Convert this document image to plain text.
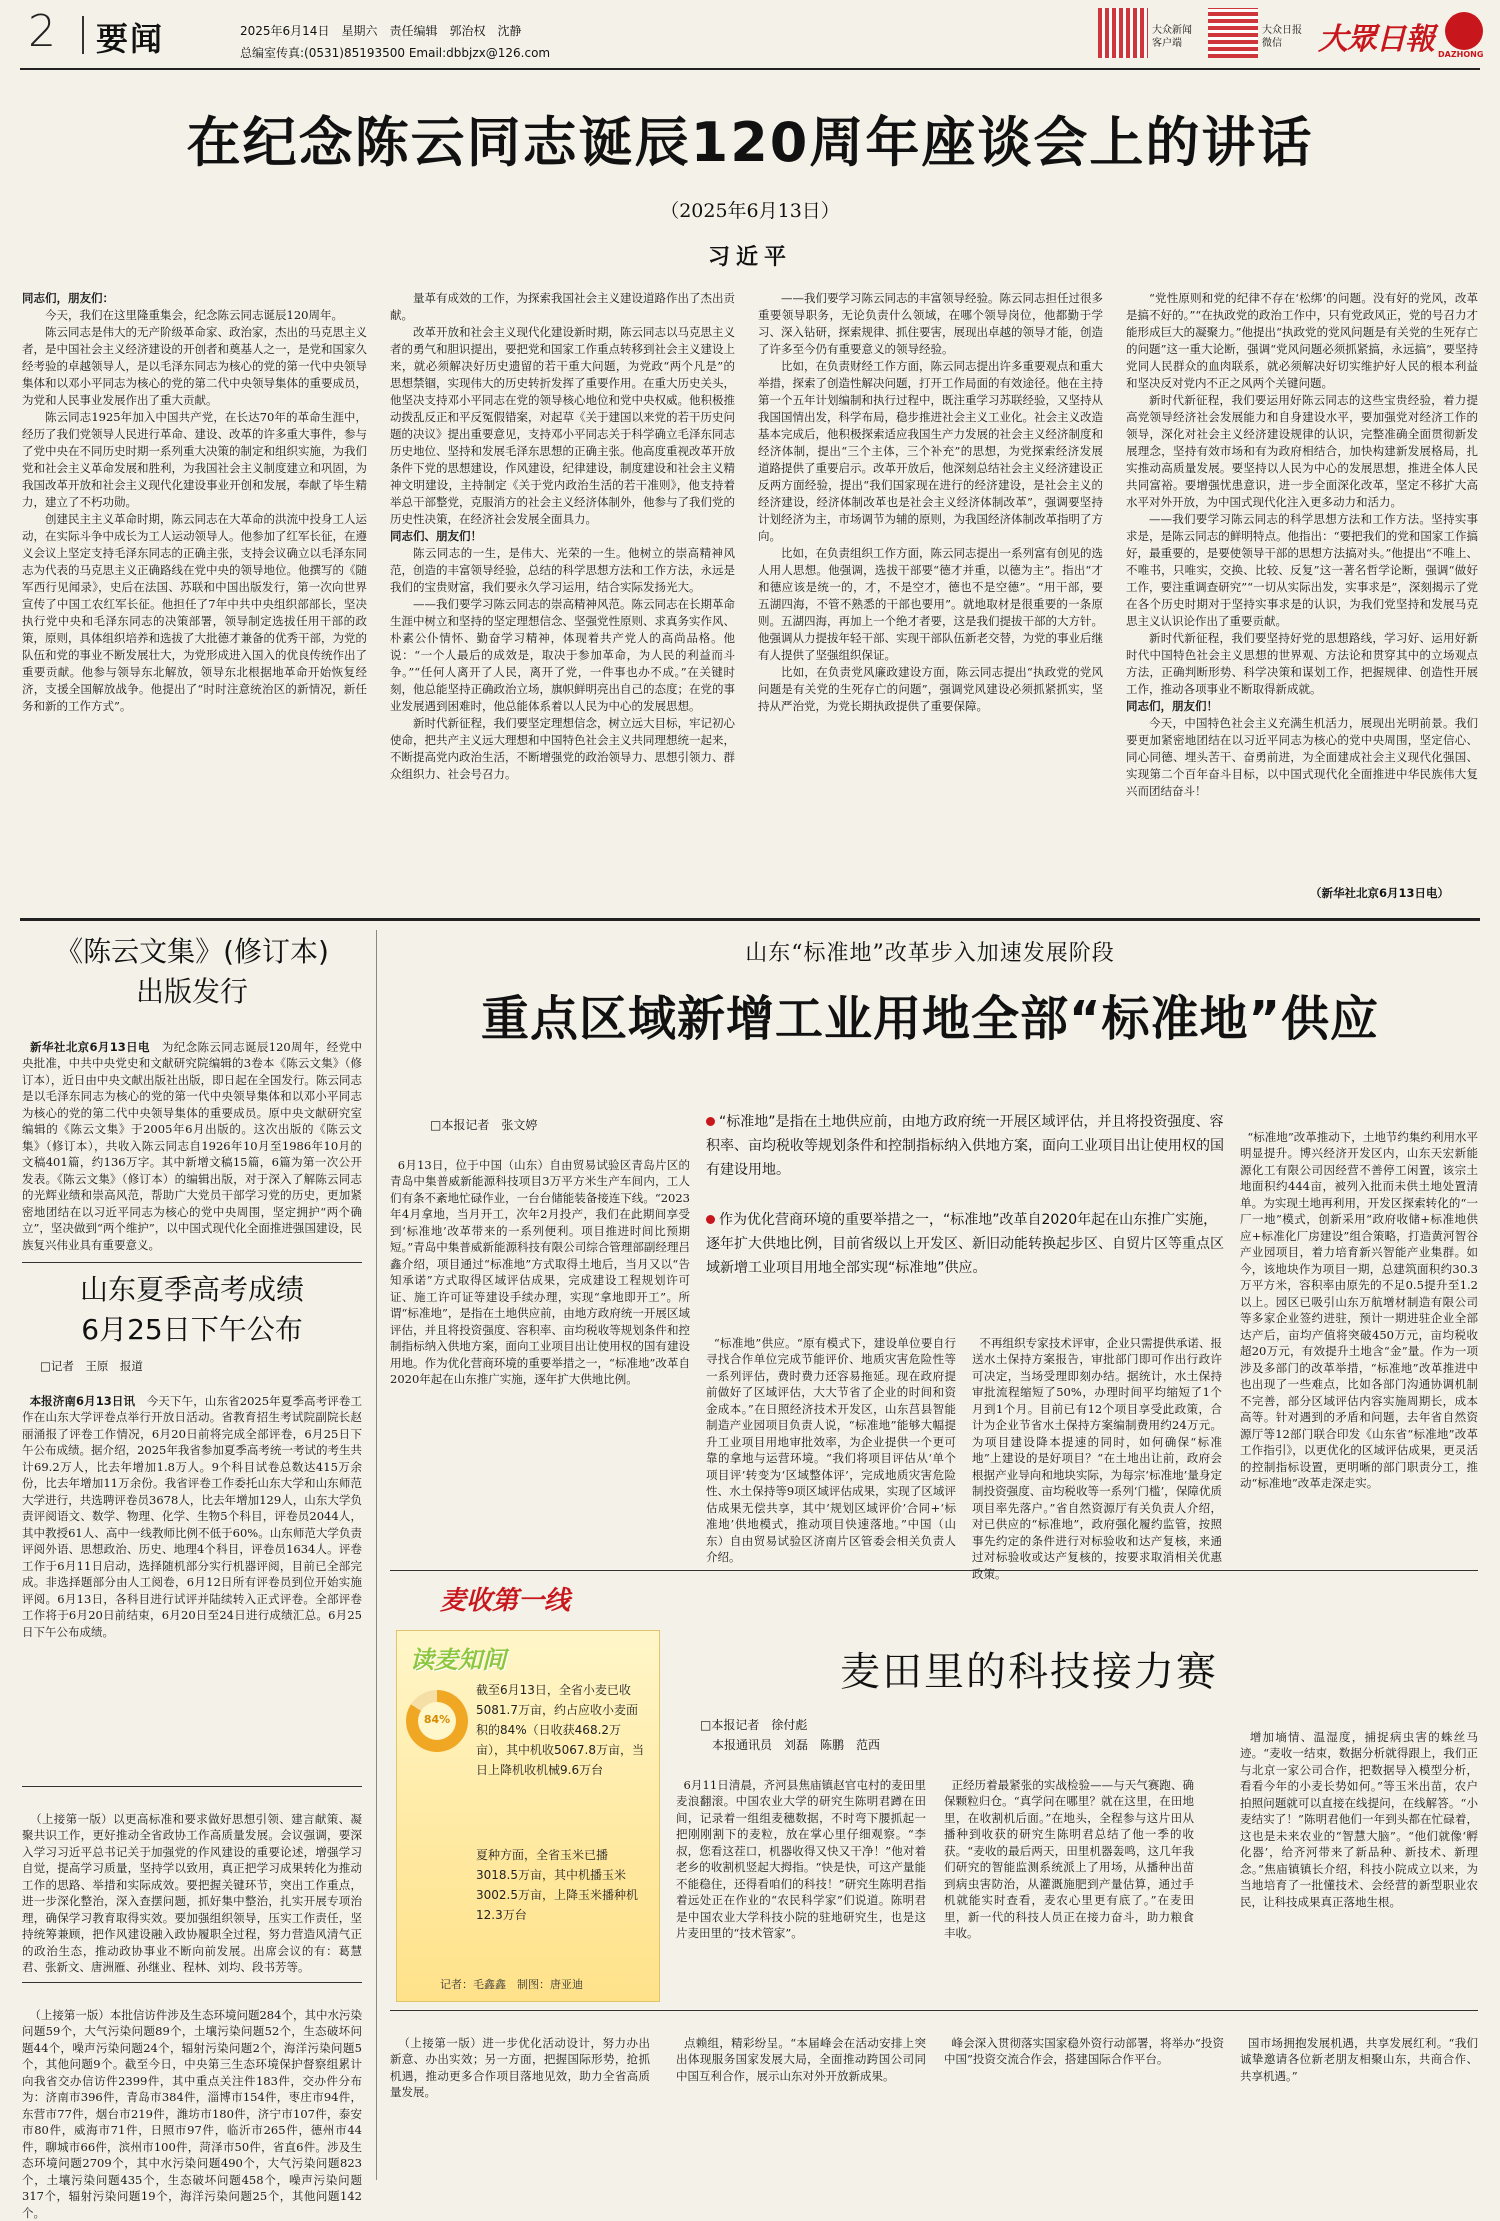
2 要闻	2025年6月14日　星期六　责任编辑　郭治权　沈静
总编室传真:(0531)85193500 Email:dbbjzx@126.com
大众新闻客户端
大众日报微信	大眾日報 DAZHONG
在纪念陈云同志诞辰120周年座谈会上的讲话
（2025年6月13日）
习近平

同志们，朋友们：

今天，我们在这里隆重集会，纪念陈云同志诞辰120周年。

陈云同志是伟大的无产阶级革命家、政治家，杰出的马克思主义者，是中国社会主义经济建设的开创者和奠基人之一，是党和国家久经考验的卓越领导人，是以毛泽东同志为核心的党的第一代中央领导集体和以邓小平同志为核心的党的第二代中央领导集体的重要成员，为党和人民事业发展作出了重大贡献。

陈云同志1925年加入中国共产党，在长达70年的革命生涯中，经历了我们党领导人民进行革命、建设、改革的许多重大事件，参与了党中央在不同历史时期一系列重大决策的制定和组织实施，为我们党和社会主义革命发展和胜利，为我国社会主义制度建立和巩固，为我国改革开放和社会主义现代化建设事业开创和发展，奉献了毕生精力，建立了不朽功勋。

创建民主主义革命时期，陈云同志在大革命的洪流中投身工人运动，在实际斗争中成长为工人运动领导人。他参加了红军长征，在遵义会议上坚定支持毛泽东同志的正确主张，支持会议确立以毛泽东同志为代表的马克思主义正确路线在党中央的领导地位。他撰写的《随军西行见闻录》，史后在法国、苏联和中国出版发行，第一次向世界宣传了中国工农红军长征。他担任了7年中共中央组织部部长，坚决执行党中央和毛泽东同志的决策部署，领导制定选拔任用干部的政策，原则，具体组织培养和选拔了大批德才兼备的优秀干部，为党的队伍和党的事业不断发展壮大，为党形成进入国入的优良传统作出了重要贡献。他参与领导东北解放，领导东北根据地革命开始恢复经济，支援全国解放战争。他提出了“时时注意统治区的新情况，新任务和新的工作方式”。

量革有成效的工作，为探索我国社会主义建设道路作出了杰出贡献。

改革开放和社会主义现代化建设新时期，陈云同志以马克思主义者的勇气和胆识提出，要把党和国家工作重点转移到社会主义建设上来，就必须解决好历史遗留的若干重大问题，为党政“两个凡是”的思想禁锢，实现伟大的历史转折发挥了重要作用。在重大历史关头，他坚决支持邓小平同志在党的领导核心地位和党中央权威。他积极推动拨乱反正和平反冤假错案，对起草《关于建国以来党的若干历史问题的决议》提出重要意见，支持邓小平同志关于科学确立毛泽东同志历史地位、坚持和发展毛泽东思想的正确主张。他高度重视改革开放条件下党的思想建设，作风建设，纪律建设，制度建设和社会主义精神文明建设，主持制定《关于党内政治生活的若干准则》，他支持着举总干部整党，克服消方的社会主义经济体制外，他参与了我们党的历史性决策，在经济社会发展全面具力。

同志们、朋友们！

陈云同志的一生，是伟大、光荣的一生。他树立的崇高精神风范，创造的丰富领导经验，总结的科学思想方法和工作方法，永远是我们的宝贵财富，我们要永久学习运用，结合实际发扬光大。

——我们要学习陈云同志的崇高精神风范。陈云同志在长期革命生涯中树立和坚持的坚定理想信念、坚强党性原则、求真务实作风、朴素公仆情怀、勤奋学习精神，体现着共产党人的高尚品格。他说：“一个人最后的成效是，取决于参加革命，为人民的利益而斗争。”“任何人离开了人民，离开了党，一件事也办不成。”在关键时刻，他总能坚持正确政治立场，旗帜鲜明亮出自己的态度；在党的事业发展遇到困难时，他总能体系着以人民为中心的发展思想。

新时代新征程，我们要坚定理想信念，树立远大目标，牢记初心使命，把共产主义远大理想和中国特色社会主义共同理想统一起来，不断提高党内政治生活，不断增强党的政治领导力、思想引领力、群众组织力、社会号召力。

——我们要学习陈云同志的丰富领导经验。陈云同志担任过很多重要领导职务，无论负责什么领域，在哪个领导岗位，他都勤于学习、深入钻研，探索规律、抓住要害，展现出卓越的领导才能，创造了许多至今仍有重要意义的领导经验。

比如，在负责财经工作方面，陈云同志提出许多重要观点和重大举措，探索了创造性解决问题，打开工作局面的有效途径。他在主持第一个五年计划编制和执行过程中，既注重学习苏联经验，又坚持从我国国情出发，科学布局，稳步推进社会主义工业化。社会主义改造基本完成后，他积极探索适应我国生产力发展的社会主义经济制度和经济体制，提出“三个主体，三个补充”的思想，为党探索经济发展道路提供了重要启示。改革开放后，他深刻总结社会主义经济建设正反两方面经验，提出“我们国家现在进行的经济建设，是社会主义的经济建设，经济体制改革也是社会主义经济体制改革”，强调要坚持计划经济为主，市场调节为辅的原则，为我国经济体制改革指明了方向。

比如，在负责组织工作方面，陈云同志提出一系列富有创见的选人用人思想。他强调，选拔干部要“德才并重，以德为主”。指出“才和德应该是统一的，才，不是空才，德也不是空德”。“用干部，要五湖四海，不管不熟悉的干部也要用”。就地取材是很重要的一条原则。五湖四海，再加上一个绝才者要，这是我们提拔干部的大方针。他强调从力提拔年轻干部、实现干部队伍新老交替，为党的事业后继有人提供了坚强组织保证。

比如，在负责党风廉政建设方面，陈云同志提出“执政党的党风问题是有关党的生死存亡的问题”，强调党风建设必须抓紧抓实，坚持从严治党，为党长期执政提供了重要保障。

“党性原则和党的纪律不存在‘松绑’的问题。没有好的党风，改革是搞不好的。”“在执政党的政治工作中，只有党政风正，党的号召力才能形成巨大的凝聚力。”他提出“执政党的党风问题是有关党的生死存亡的问题”这一重大论断，强调“党风问题必须抓紧搞，永远搞”，要坚持党同人民群众的血肉联系，就必须解决好切实维护好人民的根本利益和坚决反对党内不正之风两个关键问题。

新时代新征程，我们要运用好陈云同志的这些宝贵经验，着力提高党领导经济社会发展能力和自身建设水平，要加强党对经济工作的领导，深化对社会主义经济建设规律的认识，完整准确全面贯彻新发展理念，坚持有效市场和有为政府相结合，加快构建新发展格局，扎实推动高质量发展。要坚持以人民为中心的发展思想，推进全体人民共同富裕。要增强忧患意识，进一步全面深化改革，坚定不移扩大高水平对外开放，为中国式现代化注入更多动力和活力。

——我们要学习陈云同志的科学思想方法和工作方法。坚持实事求是，是陈云同志的鲜明特点。他指出：“要把我们的党和国家工作搞好，最重要的，是要使领导干部的思想方法搞对头。”他提出“不唯上、不唯书，只唯实，交换、比较、反复”这一著名哲学论断，强调“做好工作，要注重调查研究”“一切从实际出发，实事求是”，深刻揭示了党在各个历史时期对于坚持实事求是的认识，为我们党坚持和发展马克思主义认识论作出了重要贡献。

新时代新征程，我们要坚持好党的思想路线，学习好、运用好新时代中国特色社会主义思想的世界观、方法论和贯穿其中的立场观点方法，正确判断形势、科学决策和谋划工作，把握规律、创造性开展工作，推动各项事业不断取得新成就。

同志们，朋友们！

今天，中国特色社会主义充满生机活力，展现出光明前景。我们要更加紧密地团结在以习近平同志为核心的党中央周围，坚定信心、同心同德、埋头苦干、奋勇前进，为全面建成社会主义现代化强国、实现第二个百年奋斗目标，以中国式现代化全面推进中华民族伟大复兴而团结奋斗！

（新华社北京6月13日电）
《陈云文集》(修订本)
出版发行

新华社北京6月13日电　 为纪念陈云同志诞辰120周年，经党中央批准，中共中央党史和文献研究院编辑的3卷本《陈云文集》（修订本），近日由中央文献出版社出版，即日起在全国发行。陈云同志是以毛泽东同志为核心的党的第一代中央领导集体和以邓小平同志为核心的党的第二代中央领导集体的重要成员。原中央文献研究室编辑的《陈云文集》于2005年6月出版的。这次出版的《陈云文集》（修订本），共收入陈云同志自1926年10月至1986年10月的文稿401篇，约136万字。其中新增文稿15篇，6篇为第一次公开发表。《陈云文集》（修订本）的编辑出版，对于深入了解陈云同志的光辉业绩和崇高风范，帮助广大党员干部学习党的历史，更加紧密地团结在以习近平同志为核心的党中央周围，坚定拥护“两个确立”，坚决做到“两个维护”，以中国式现代化全面推进强国建设，民族复兴伟业具有重要意义。

山东夏季高考成绩
6月25日下午公布
□记者　王原　报道

本报济南6月13日讯　 今天下午，山东省2025年夏季高考评卷工作在山东大学评卷点举行开放日活动。省教育招生考试院副院长赵丽涌报了评卷工作情况，6月20日前将完成全部评卷，6月25日下午公布成绩。据介绍，2025年我省参加夏季高考统一考试的考生共计69.2万人，比去年增加1.8万人。9个科目试卷总数达415万余份，比去年增加11万余份。我省评卷工作委托山东大学和山东师范大学进行，共选聘评卷员3678人，比去年增加129人，山东大学负责评阅语文、数学、物理、化学、生物5个科目，评卷员2044人，其中教授61人、高中一线教师比例不低于60%。山东师范大学负责评阅外语、思想政治、历史、地理4个科目，评卷员1634人。评卷工作于6月11日启动，选择随机部分实行机器评阅，目前已全部完成。非选择题部分由人工阅卷，6月12日所有评卷员到位开始实施评阅。6月13日，各科目进行试评并陆续转入正式评卷。全部评卷工作将于6月20日前结束，6月20日至24日进行成绩汇总。6月25日下午公布成绩。

（上接第一版）以更高标准和要求做好思想引领、建言献策、凝聚共识工作，更好推动全省政协工作高质量发展。会议强调，要深入学习习近平总书记关于加强党的作风建设的重要论述，增强学习自觉，提高学习质量，坚持学以致用，真正把学习成果转化为推动工作的思路、举措和实际成效。要把握关键环节，突出工作重点，进一步深化整治，深入查摆问题，抓好集中整治，扎实开展专项治理，确保学习教育取得实效。要加强组织领导，压实工作责任，坚持统筹兼顾，把作风建设融入政协履职全过程，努力营造风清气正的政治生态，推动政协事业不断向前发展。出席会议的有：葛慧君、张新文、唐洲雁、孙继业、程林、刘均、段书芳等。

（上接第一版）本批信访件涉及生态环境问题284个，其中水污染问题59个，大气污染问题89个，土壤污染问题52个，生态破坏问题44个，噪声污染问题24个，辐射污染问题2个，海洋污染问题5个，其他问题9个。截至今日，中央第三生态环境保护督察组累计向我省交办信访件2399件，其中重点关注件183件，交办件分布为：济南市396件，青岛市384件，淄博市154件，枣庄市94件，东营市77件，烟台市219件，潍坊市180件，济宁市107件，泰安市80件，威海市71件，日照市97件，临沂市265件，德州市44件，聊城市66件，滨州市100件，菏泽市50件，省直6件。涉及生态环境问题2709个，其中水污染问题490个，大气污染问题823个，土壤污染问题435个，生态破坏问题458个，噪声污染问题317个，辐射污染问题19个，海洋污染问题25个，其他问题142个。

山东“标准地”改革步入加速发展阶段
重点区域新增工业用地全部“标准地”供应
□本报记者　张文婷	“标准地”是指在土地供应前，由地方政府统一开展区域评估，并且将投资强度、容积率、亩均税收等规划条件和控制指标纳入供地方案，面向工业项目出让使用权的国有建设用地。
作为优化营商环境的重要举措之一，“标准地”改革自2020年起在山东推广实施，逐年扩大供地比例，目前省级以上开发区、新旧动能转换起步区、自贸片区等重点区域新增工业项目用地全部实现“标准地”供应。

6月13日，位于中国（山东）自由贸易试验区青岛片区的青岛中集普威新能源科技项目3万平方米生产车间内，工人们有条不紊地忙碌作业，一台台储能装备接连下线。“2023年4月拿地，当月开工，次年2月投产，我们在此期间享受到‘标准地’改革带来的一系列便利。项目推进时间比预期短。”青岛中集普威新能源科技有限公司综合管理部副经理吕鑫介绍，项目通过“标准地”方式取得土地后，当月又以“告知承诺”方式取得区域评估成果，完成建设工程规划许可证、施工许可证等建设手续办理，实现“拿地即开工”。所谓“标准地”，是指在土地供应前，由地方政府统一开展区域评估，并且将投资强度、容积率、亩均税收等规划条件和控制指标纳入供地方案，面向工业项目出让使用权的国有建设用地。作为优化营商环境的重要举措之一，“标准地”改革自2020年起在山东推广实施，逐年扩大供地比例。

“标准地”供应。“原有模式下，建设单位要自行寻找合作单位完成节能评价、地质灾害危险性等一系列评估，费时费力还容易拖延。现在政府提前做好了区域评估，大大节省了企业的时间和资金成本。”在日照经济技术开发区，山东莒县智能制造产业园项目负责人说，“标准地”能够大幅提升工业项目用地审批效率，为企业提供一个更可靠的拿地与运营环境。“我们将项目评估从‘单个项目评’转变为‘区域整体评’，完成地质灾害危险性、水土保持等9项区域评估成果，实现了区域评估成果无偿共享，其中‘规划区域评价’合同+‘标准地’供地模式，推动项目快速落地。”中国（山东）自由贸易试验区济南片区管委会相关负责人介绍。

不再组织专家技术评审，企业只需提供承诺、报送水土保持方案报告，审批部门即可作出行政许可决定，当场受理即刻办结。据统计，水土保持审批流程缩短了50%，办理时间平均缩短了1个月到1个月。目前已有12个项目享受此政策，合计为企业节省水土保持方案编制费用约24万元。为项目建设降本提速的同时，如何确保“标准地”上建设的是好项目？“在土地出让前，政府会根据产业导向和地块实际，为每宗‘标准地’量身定制投资强度、亩均税收等一系列‘门槛’，保障优质项目率先落户。”省自然资源厅有关负责人介绍，对已供应的“标准地”，政府强化履约监管，按照事先约定的条件进行对标验收和达产复核，来通过对标验收或达产复核的，按要求取消相关优惠政策。

“标准地”改革推动下，土地节约集约利用水平明显提升。博兴经济开发区内，山东天宏新能源化工有限公司因经营不善停工闲置，该宗土地面积约444亩，被列入批而未供土地处置清单。为实现土地再利用，开发区探索转化的“一厂一地”模式，创新采用“政府收储+标准地供应+标准化厂房建设”组合策略，打造黄河智谷产业园项目，着力培育新兴智能产业集群。如今，该地块作为项目一期，总建筑面积约30.3万平方米，容积率由原先的不足0.5提升至1.2以上。园区已吸引山东万航增材制造有限公司等多家企业签约进驻，预计一期进驻企业全部达产后，亩均产值将突破450万元，亩均税收超20万元，有效提升土地含“金”量。作为一项涉及多部门的改革举措，“标准地”改革推进中也出现了一些难点，比如各部门沟通协调机制不完善，部分区域评估内容实施周期长，成本高等。针对遇到的矛盾和问题，去年省自然资源厅等12部门联合印发《山东省“标准地”改革工作指引》，以更优化的区域评估成果，更灵活的控制指标设置，更明晰的部门职责分工，推动“标准地”改革走深走实。

麦收第一线
读麦知间
84%
截至6月13日，全省小麦已收5081.7万亩，约占应收小麦面积的84%（日收获468.2万亩），其中机收5067.8万亩，当日上降机收机械9.6万台
夏种方面，全省玉米已播3018.5万亩，其中机播玉米3002.5万亩，上降玉米播种机12.3万台
记者：毛鑫鑫　制图：唐亚迪
麦田里的科技接力赛
□本报记者　徐付彪
本报通讯员　刘磊　陈鹏　范西

6月11日清晨，齐河县焦庙镇赵官屯村的麦田里麦浪翻滚。中国农业大学的研究生陈明君蹲在田间，记录着一组组麦穗数据，不时弯下腰抓起一把刚刚割下的麦粒，放在掌心里仔细观察。“李叔，您看这茬口，机器收得又快又干净！”他对着老乡的收割机竖起大拇指。“快是快，可这产量能不能稳住，还得看咱们的科技！”研究生陈明君指着远处正在作业的“农民科学家”们说道。陈明君是中国农业大学科技小院的驻地研究生，也是这片麦田里的“技术管家”。

正经历着最紧张的实战检验——与天气赛跑、确保颗粒归仓。“真学问在哪里？就在这里，在田地里，在收割机后面。”在地头，全程参与这片田从播种到收获的研究生陈明君总结了他一季的收获。“麦收的最后两天，田里机器轰鸣，这几年我们研究的智能监测系统派上了用场，从播种出苗到病虫害防治，从灌溉施肥到产量估算，通过手机就能实时查看，麦农心里更有底了。”在麦田里，新一代的科技人员正在接力奋斗，助力粮食丰收。

增加墒情、温湿度，捕捉病虫害的蛛丝马迹。“麦收一结束，数据分析就得跟上，我们正与北京一家公司合作，把数据导入模型分析，看看今年的小麦长势如何。”等玉米出苗，农户拍照问题就可以直接在线提问，在线解答。“小麦结实了！”陈明君他们一年到头都在忙碌着，这也是未来农业的“智慧大脑”。“他们就像‘孵化器’，给齐河带来了新品种、新技术、新理念。”焦庙镇镇长介绍，科技小院成立以来，为当地培育了一批懂技术、会经营的新型职业农民，让科技成果真正落地生根。

（上接第一版）进一步优化活动设计，努力办出新意、办出实效；另一方面，把握国际形势，抢抓机遇，推动更多合作项目落地见效，助力全省高质量发展。

点赖组，精彩纷呈。“本届峰会在活动安排上突出体现服务国家发展大局，全面推动跨国公司同中国互利合作，展示山东对外开放新成果。

峰会深入贯彻落实国家稳外资行动部署，将举办“投资中国”投资交流合作会，搭建国际合作平台。

国市场拥抱发展机遇，共享发展红利。“我们诚挚邀请各位新老朋友相聚山东，共商合作、共享机遇。”
